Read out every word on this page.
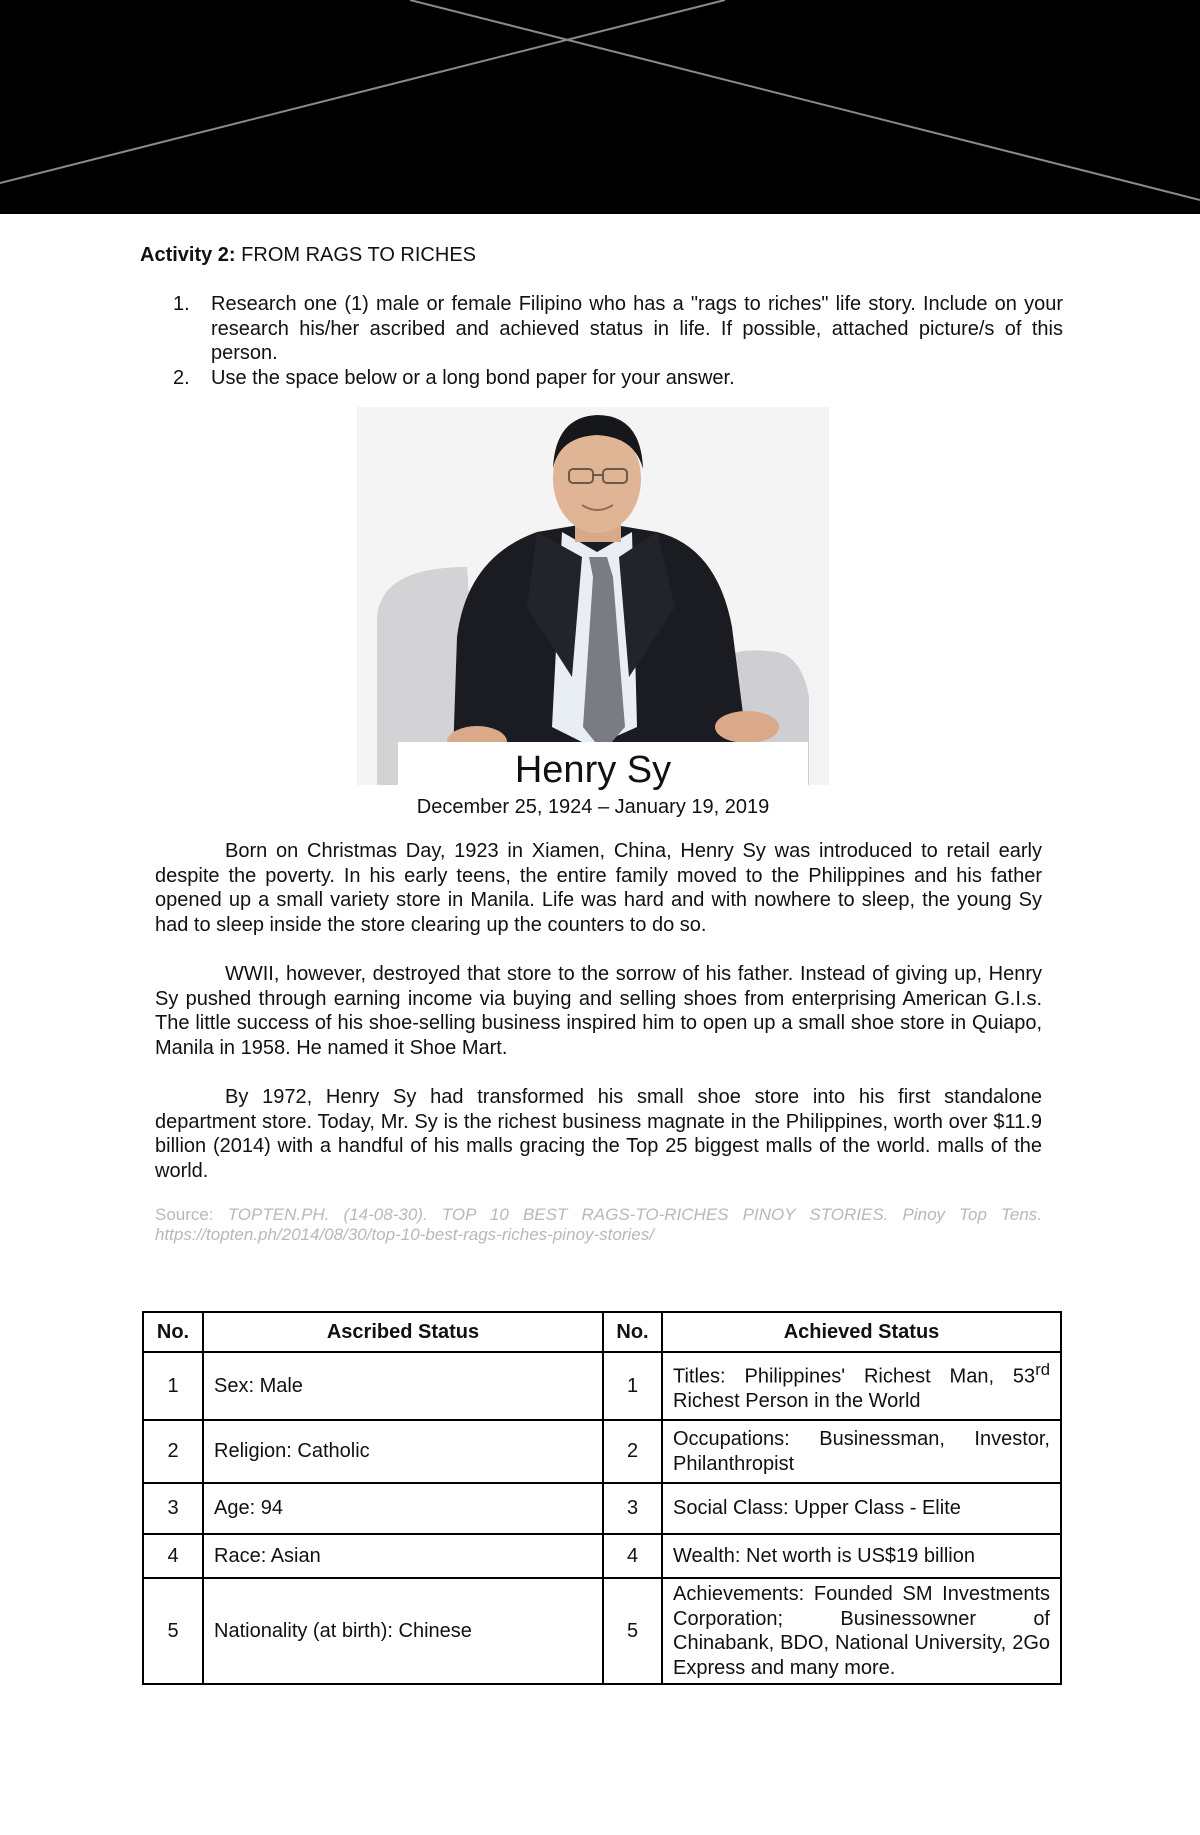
Activity 2: FROM RAGS TO RICHES

1. Research one (1) male or female Filipino who has a "rags to riches" life story. Include on your research his/her ascribed and achieved status in life. If possible, attached picture/s of this person.
2. Use the space below or a long bond paper for your answer.
Henry Sy
December 25, 1924 – January 19, 2019

Born on Christmas Day, 1923 in Xiamen, China, Henry Sy was introduced to retail early despite the poverty. In his early teens, the entire family moved to the Philippines and his father opened up a small variety store in Manila. Life was hard and with nowhere to sleep, the young Sy had to sleep inside the store clearing up the counters to do so.

WWII, however, destroyed that store to the sorrow of his father. Instead of giving up, Henry Sy pushed through earning income via buying and selling shoes from enterprising American G.I.s. The little success of his shoe-selling business inspired him to open up a small shoe store in Quiapo, Manila in 1958. He named it Shoe Mart.

By 1972, Henry Sy had transformed his small shoe store into his first standalone department store. Today, Mr. Sy is the richest business magnate in the Philippines, worth over $11.9 billion (2014) with a handful of his malls gracing the Top 25 biggest malls of the world. malls of the world.

Source: TOPTEN.PH. (14-08-30). TOP 10 BEST RAGS-TO-RICHES PINOY STORIES. Pinoy Top Tens. https://topten.ph/2014/08/30/top-10-best-rags-riches-pinoy-stories/
No.	Ascribed Status	No.	Achieved Status
1	Sex: Male	1	Titles: Philippines' Richest Man, 53rd Richest Person in the World
2	Religion: Catholic	2	Occupations: Businessman, Investor, Philanthropist
3	Age: 94	3	Social Class: Upper Class - Elite
4	Race: Asian	4	Wealth: Net worth is US$19 billion
5	Nationality (at birth): Chinese	5	Achievements: Founded SM Investments Corporation; Businessowner of Chinabank, BDO, National University, 2Go Express and many more.
